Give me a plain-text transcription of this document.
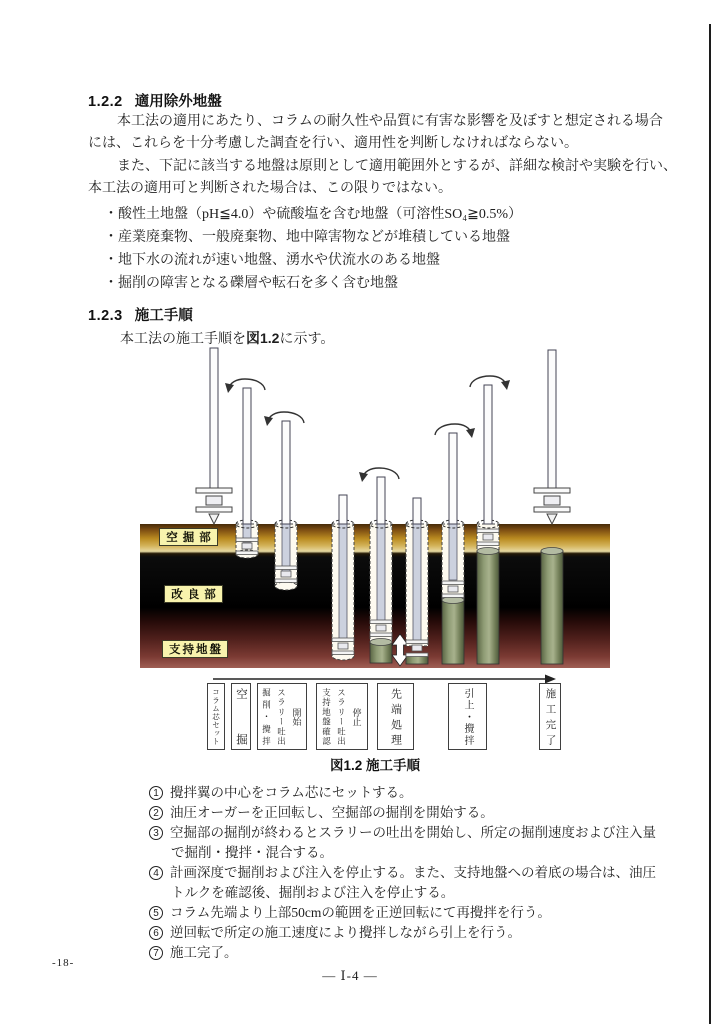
1.2.2 適用除外地盤
本工法の適用にあたり、コラムの耐久性や品質に有害な影響を及ぼすと想定される場合
には、これらを十分考慮した調査を行い、適用性を判断しなければならない。
また、下記に該当する地盤は原則として適用範囲外とするが、詳細な検討や実験を行い、
本工法の適用可と判断された場合は、この限りではない。
・酸性土地盤（pH≦4.0）や硫酸塩を含む地盤（可溶性SO₄≧0.5%）
・産業廃棄物、一般廃棄物、地中障害物などが堆積している地盤
・地下水の流れが速い地盤、湧水や伏流水のある地盤
・掘削の障害となる礫層や転石を多く含む地盤
1.2.3 施工手順
本工法の施工手順を図1.2に示す。
空掘部
改良部
支持地盤
コラム芯セット 空掘	開始
スラリー吐出
掘削・攪拌	停止
スラリー吐出
支持地盤確認	先端処理	引上・攪拌	施工完了
図1.2 施工手順
1 攪拌翼の中心をコラム芯にセットする。
2 油圧オーガーを正回転し、空掘部の掘削を開始する。
3 空掘部の掘削が終わるとスラリーの吐出を開始し、所定の掘削速度および注入量
で掘削・攪拌・混合する。
4 計画深度で掘削および注入を停止する。また、支持地盤への着底の場合は、油圧
トルクを確認後、掘削および注入を停止する。
5 コラム先端より上部50cmの範囲を正逆回転にて再攪拌を行う。
6 逆回転で所定の施工速度により攪拌しながら引上を行う。
7 施工完了。
-18-
― Ⅰ-4 ―
